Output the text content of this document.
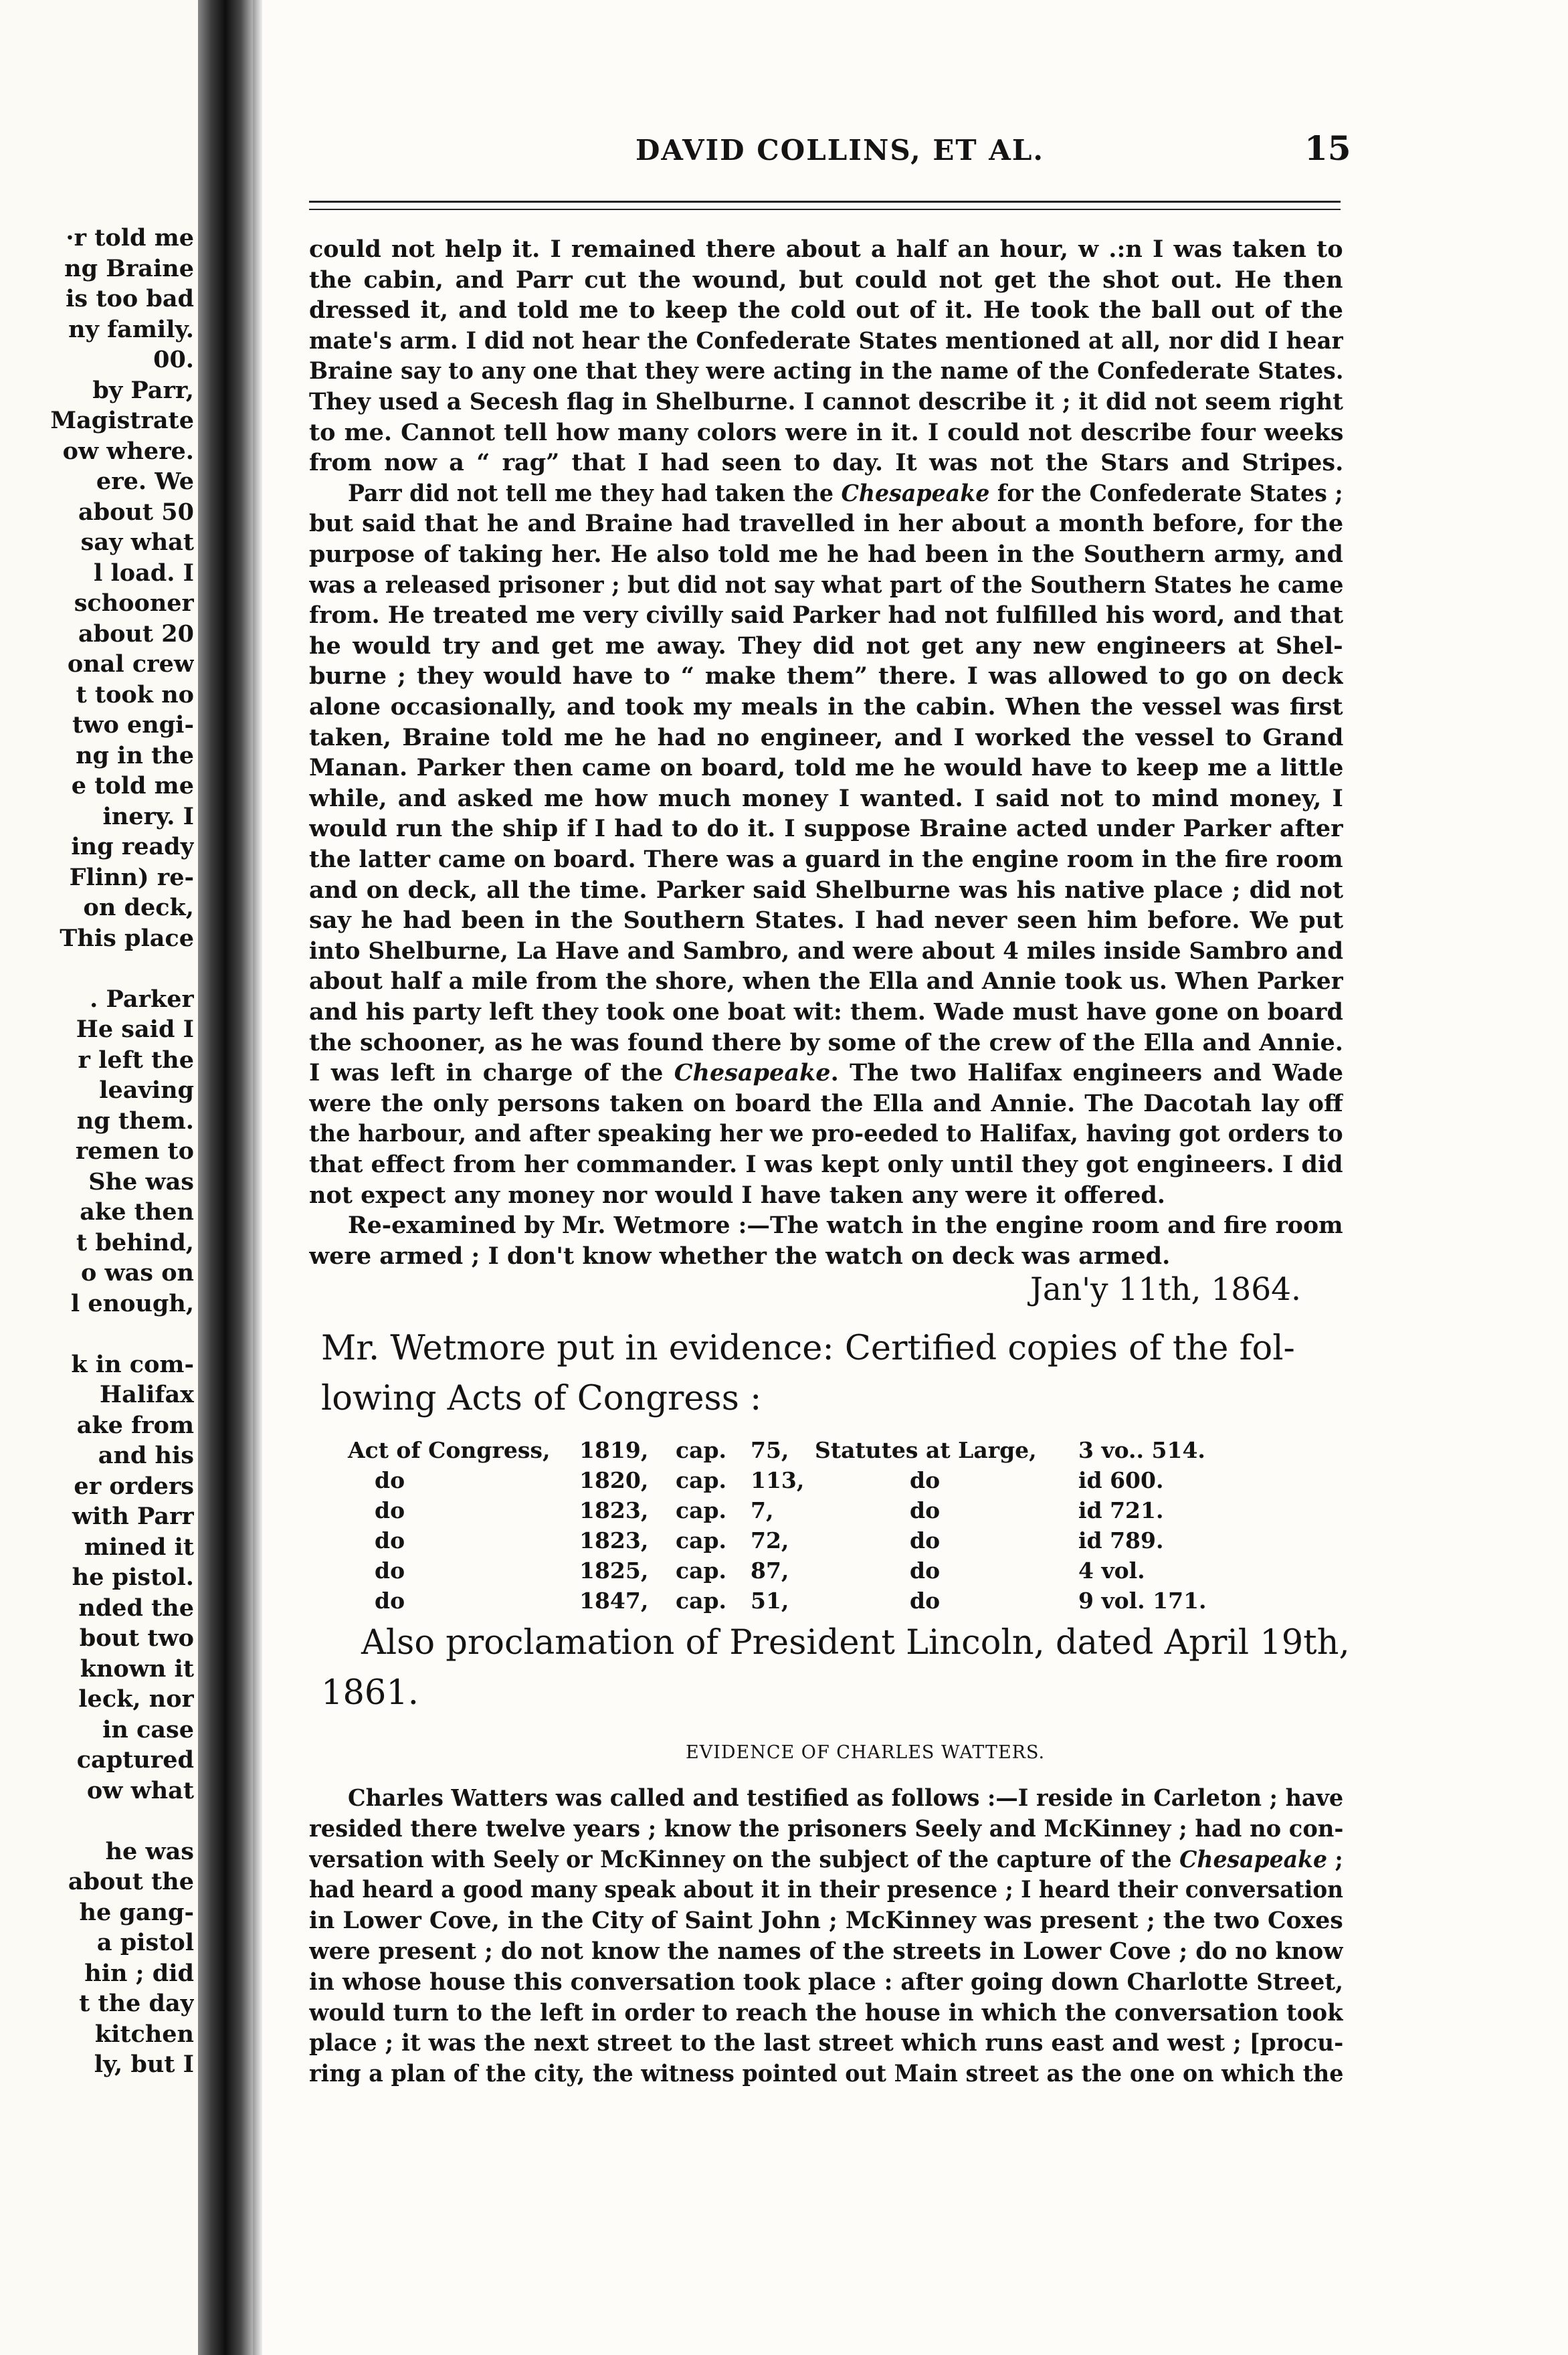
·r told me
ng Braine
is too bad
ny family.
00.
by Parr,
Magistrate
ow where.
ere. We
about 50
say what
l load. I
schooner
about 20
onal crew
t took no
two engi-
ng in the
e told me
inery. I
ing ready
Flinn) re-
on deck,
This place
. Parker
He said I
r left the
leaving
ng them.
remen to
She was
ake then
t behind,
o was on
l enough,
k in com-
Halifax
ake from
and his
er orders
with Parr
mined it
he pistol.
nded the
bout two
known it
leck, nor
in case
captured
ow what
he was
about the
he gang-
a pistol
hin ; did
t the day
kitchen
ly, but I
DAVID COLLINS, ET AL.	15
could not help it. I remained there about a half an hour, w .:n I was taken to
the cabin, and Parr cut the wound, but could not get the shot out. He then
dressed it, and told me to keep the cold out of it. He took the ball out of the
mate's arm. I did not hear the Confederate States mentioned at all, nor did I hear
Braine say to any one that they were acting in the name of the Confederate States.
They used a Secesh flag in Shelburne. I cannot describe it ; it did not seem right
to me. Cannot tell how many colors were in it. I could not describe four weeks
from now a “ rag” that I had seen to day. It was not the Stars and Stripes.
Parr did not tell me they had taken the Chesapeake for the Confederate States ;
but said that he and Braine had travelled in her about a month before, for the
purpose of taking her. He also told me he had been in the Southern army, and
was a released prisoner ; but did not say what part of the Southern States he came
from. He treated me very civilly said Parker had not fulfilled his word, and that
he would try and get me away. They did not get any new engineers at Shel-
burne ; they would have to “ make them” there. I was allowed to go on deck
alone occasionally, and took my meals in the cabin. When the vessel was first
taken, Braine told me he had no engineer, and I worked the vessel to Grand
Manan. Parker then came on board, told me he would have to keep me a little
while, and asked me how much money I wanted. I said not to mind money, I
would run the ship if I had to do it. I suppose Braine acted under Parker after
the latter came on board. There was a guard in the engine room in the fire room
and on deck, all the time. Parker said Shelburne was his native place ; did not
say he had been in the Southern States. I had never seen him before. We put
into Shelburne, La Have and Sambro, and were about 4 miles inside Sambro and
about half a mile from the shore, when the Ella and Annie took us. When Parker
and his party left they took one boat wit: them. Wade must have gone on board
the schooner, as he was found there by some of the crew of the Ella and Annie.
I was left in charge of the Chesapeake. The two Halifax engineers and Wade
were the only persons taken on board the Ella and Annie. The Dacotah lay off
the harbour, and after speaking her we pro-eeded to Halifax, having got orders to
that effect from her commander. I was kept only until they got engineers. I did
not expect any money nor would I have taken any were it offered.
Re-examined by Mr. Wetmore :—The watch in the engine room and fire room
were armed ; I don't know whether the watch on deck was armed.
Jan'y 11th, 1864.
Mr. Wetmore put in evidence: Certified copies of the fol-
lowing Acts of Congress :
Act of Congress, 1819, cap. 75, Statutes at Large, 3 vo.. 514.
do	1820, cap. 113,	do	id 600.
do	1823, cap. 7,	do	id 721.
do	1823, cap. 72,	do	id 789.
do	1825, cap. 87,	do	4 vol.
do	1847, cap. 51,	do	9 vol. 171.
Also proclamation of President Lincoln, dated April 19th,
1861.
EVIDENCE OF CHARLES WATTERS.
Charles Watters was called and testified as follows :—I reside in Carleton ; have
resided there twelve years ; know the prisoners Seely and McKinney ; had no con-
versation with Seely or McKinney on the subject of the capture of the Chesapeake ;
had heard a good many speak about it in their presence ; I heard their conversation
in Lower Cove, in the City of Saint John ; McKinney was present ; the two Coxes
were present ; do not know the names of the streets in Lower Cove ; do no know
in whose house this conversation took place : after going down Charlotte Street,
would turn to the left in order to reach the house in which the conversation took
place ; it was the next street to the last street which runs east and west ; [procu-
ring a plan of the city, the witness pointed out Main street as the one on which the
